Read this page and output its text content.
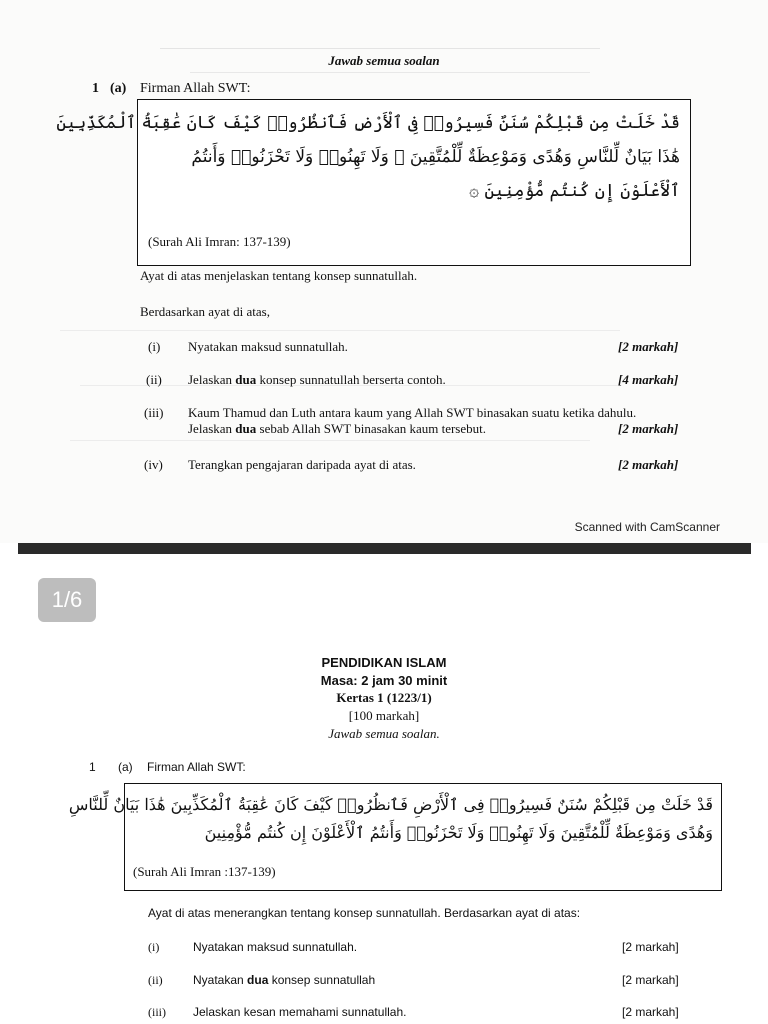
Jawab semua soalan
1 (a) Firman Allah SWT:
قَدْ خَلَتْ مِن قَبْلِكُمْ سُنَنٌ فَسِيرُوا۟ فِى ٱلْأَرْضِ فَٱنظُرُوا۟ كَيْفَ كَانَ عَٰقِبَةُ ٱلْمُكَذِّبِينَ
هَٰذَا بَيَانٌ لِّلنَّاسِ وَهُدًى وَمَوْعِظَةٌ لِّلْمُتَّقِينَ ۞ وَلَا تَهِنُوا۟ وَلَا تَحْزَنُوا۟ وَأَنتُمُ
ٱلْأَعْلَوْنَ إِن كُنتُم مُّؤْمِنِينَ ۞
(Surah Ali Imran: 137-139)
Ayat di atas menjelaskan tentang konsep sunnatullah.
Berdasarkan ayat di atas,
(i) Nyatakan maksud sunnatullah.	[2 markah]
(ii) Jelaskan dua konsep sunnatullah berserta contoh.	[4 markah]
(iii) Kaum Thamud dan Luth antara kaum yang Allah SWT binasakan suatu ketika dahulu.
Jelaskan dua sebab Allah SWT binasakan kaum tersebut.	[2 markah]
(iv) Terangkan pengajaran daripada ayat di atas.	[2 markah]
Scanned with CamScanner
1/6
PENDIDIKAN ISLAM
Masa: 2 jam 30 minit
Kertas 1 (1223/1)
[100 markah]
Jawab semua soalan.
1 (a) Firman Allah SWT:
قَدْ خَلَتْ مِن قَبْلِكُمْ سُنَنٌ فَسِيرُوا۟ فِى ٱلْأَرْضِ فَٱنظُرُوا۟ كَيْفَ كَانَ عَٰقِبَةُ ٱلْمُكَذِّبِينَ هَٰذَا بَيَانٌ لِّلنَّاسِ
وَهُدًى وَمَوْعِظَةٌ لِّلْمُتَّقِينَ وَلَا تَهِنُوا۟ وَلَا تَحْزَنُوا۟ وَأَنتُمُ ٱلْأَعْلَوْنَ إِن كُنتُم مُّؤْمِنِينَ
(Surah Ali Imran :137-139)
Ayat di atas menerangkan tentang konsep sunnatullah. Berdasarkan ayat di atas:
(i)	Nyatakan maksud sunnatullah.	[2 markah]
(ii)	Nyatakan dua konsep sunnatullah	[2 markah]
(iii) Jelaskan kesan memahami sunnatullah.	[2 markah]
